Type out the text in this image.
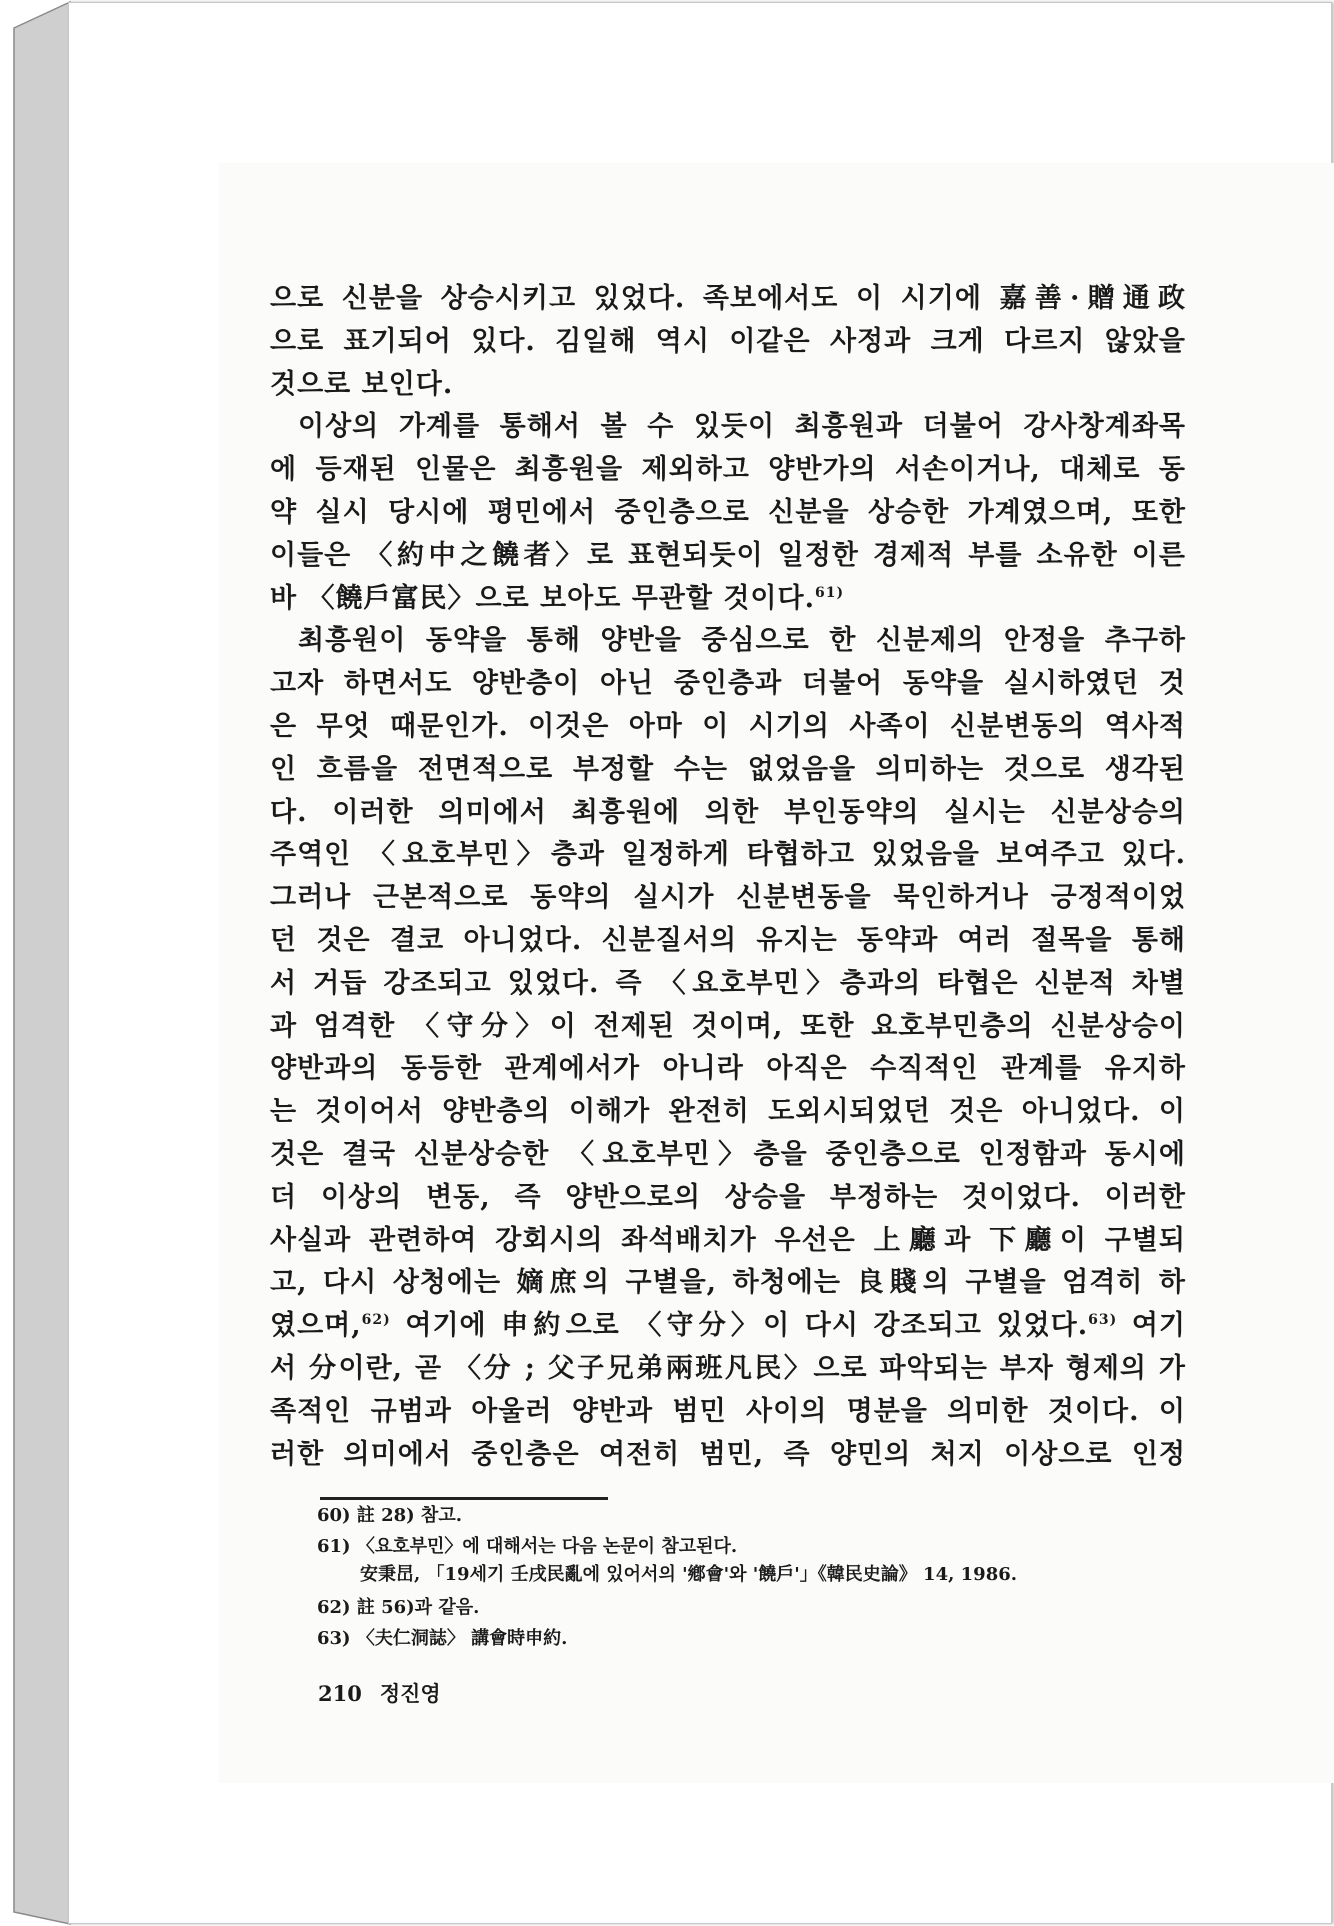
으로 신분을 상승시키고 있었다. 족보에서도 이 시기에 嘉善·贈通政
으로 표기되어 있다. 김일해 역시 이같은 사정과 크게 다르지 않았을
것으로 보인다.
이상의 가계를 통해서 볼 수 있듯이 최흥원과 더불어 강사창계좌목
에 등재된 인물은 최흥원을 제외하고 양반가의 서손이거나, 대체로 동
약 실시 당시에 평민에서 중인층으로 신분을 상승한 가계였으며, 또한
이들은 〈約中之饒者〉로 표현되듯이 일정한 경제적 부를 소유한 이른
바 〈饒戶富民〉으로 보아도 무관할 것이다.$^{61)}$
최흥원이 동약을 통해 양반을 중심으로 한 신분제의 안정을 추구하
고자 하면서도 양반층이 아닌 중인층과 더불어 동약을 실시하였던 것
은 무엇 때문인가. 이것은 아마 이 시기의 사족이 신분변동의 역사적
인 흐름을 전면적으로 부정할 수는 없었음을 의미하는 것으로 생각된
다. 이러한 의미에서 최흥원에 의한 부인동약의 실시는 신분상승의
주역인 〈요호부민〉층과 일정하게 타협하고 있었음을 보여주고 있다.
그러나 근본적으로 동약의 실시가 신분변동을 묵인하거나 긍정적이었
던 것은 결코 아니었다. 신분질서의 유지는 동약과 여러 절목을 통해
서 거듭 강조되고 있었다. 즉 〈요호부민〉층과의 타협은 신분적 차별
과 엄격한 〈守分〉이 전제된 것이며, 또한 요호부민층의 신분상승이
양반과의 동등한 관계에서가 아니라 아직은 수직적인 관계를 유지하
는 것이어서 양반층의 이해가 완전히 도외시되었던 것은 아니었다. 이
것은 결국 신분상승한 〈요호부민〉층을 중인층으로 인정함과 동시에
더 이상의 변동, 즉 양반으로의 상승을 부정하는 것이었다. 이러한
사실과 관련하여 강회시의 좌석배치가 우선은 上廳과 下廳이 구별되
고, 다시 상청에는 嫡庶의 구별을, 하청에는 良賤의 구별을 엄격히 하
였으며,$^{62)}$ 여기에 申約으로 〈守分〉이 다시 강조되고 있었다.$^{63)}$ 여기
서 分이란, 곧 〈分 ; 父子兄弟兩班凡民〉으로 파악되는 부자 형제의 가
족적인 규범과 아울러 양반과 범민 사이의 명분을 의미한 것이다. 이
러한 의미에서 중인층은 여전히 범민, 즉 양민의 처지 이상으로 인정
60) 註 28) 참고.
61) 〈요호부민〉에 대해서는 다음 논문이 참고된다.
安秉旵, 「19세기 壬戌民亂에 있어서의 '鄕會'와 '饒戶'」《韓民史論》 14, 1986.
62) 註 56)과 같음.
63) 〈夫仁洞誌〉 講會時申約.
210 정진영
